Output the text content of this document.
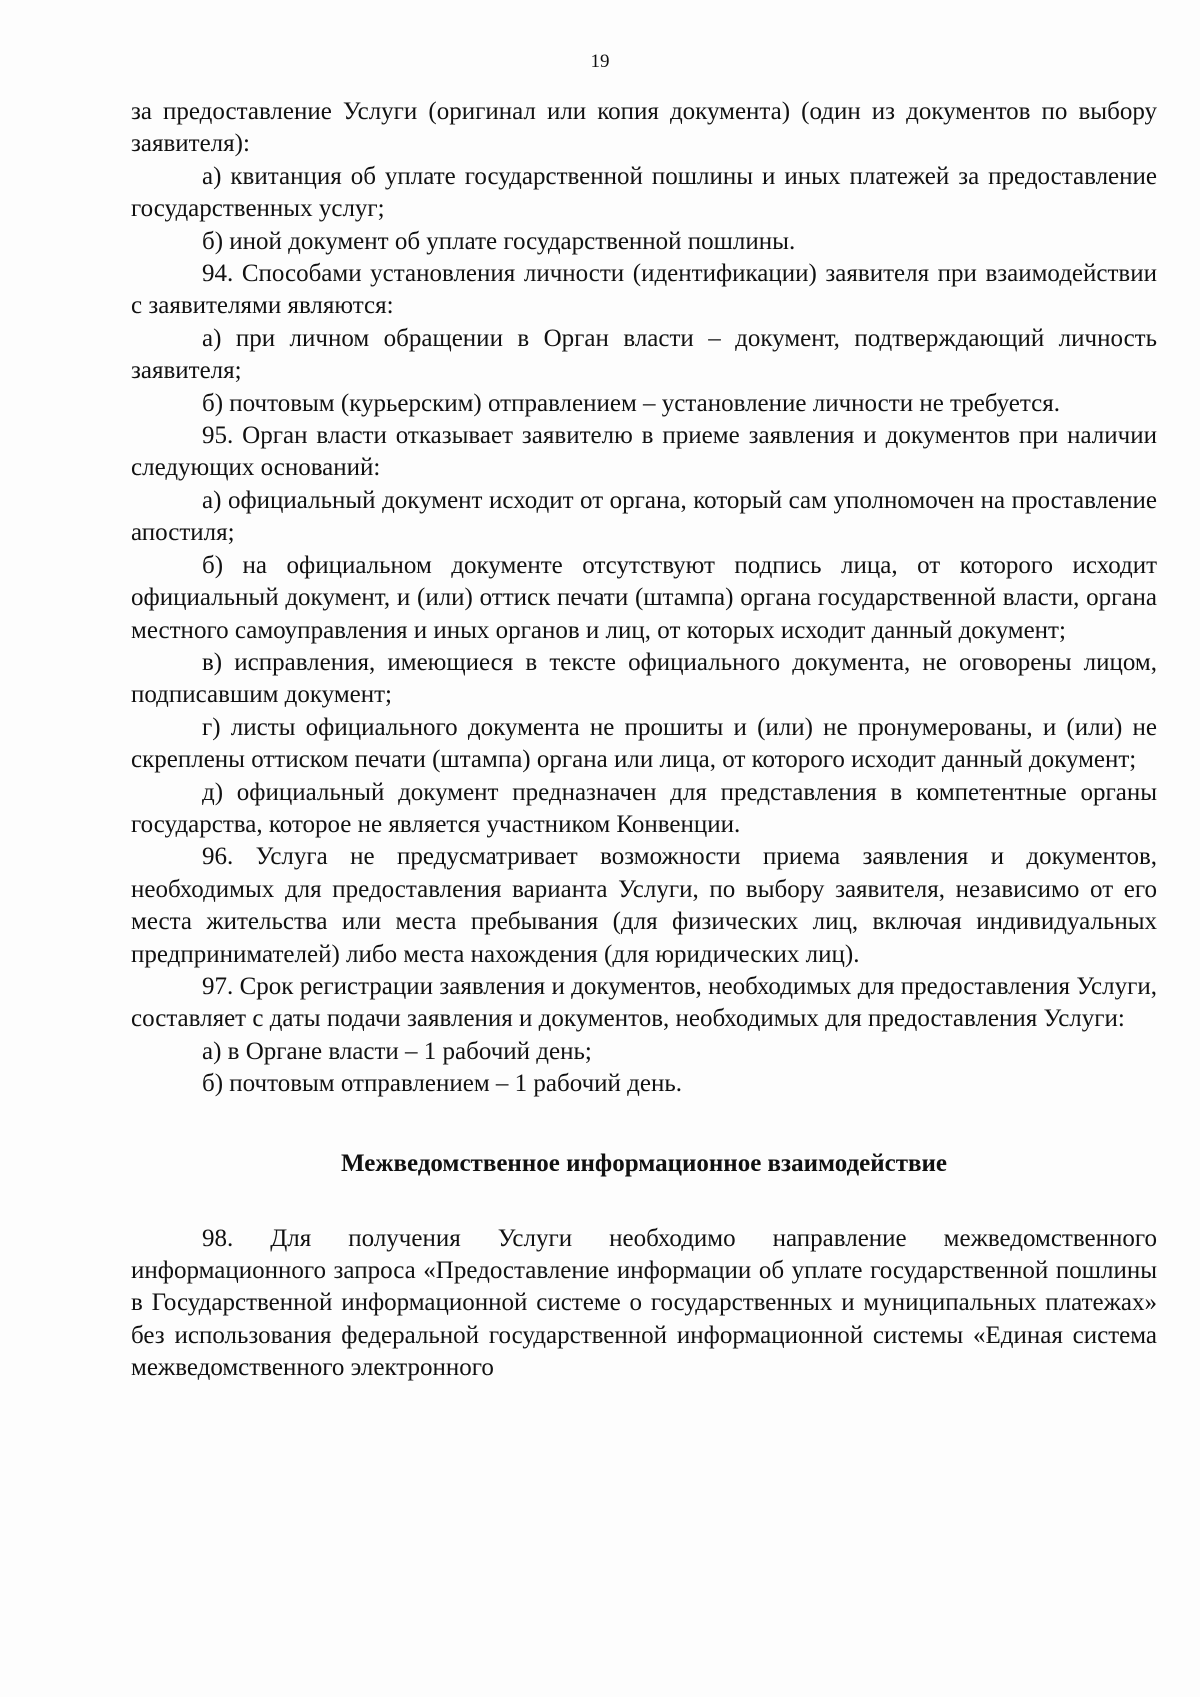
19

за предоставление Услуги (оригинал или копия документа) (один из документов по выбору заявителя):

а) квитанция об уплате государственной пошлины и иных платежей за предоставление государственных услуг;

б) иной документ об уплате государственной пошлины.

94. Способами установления личности (идентификации) заявителя при взаимодействии с заявителями являются:

а) при личном обращении в Орган власти – документ, подтверждающий личность заявителя;

б) почтовым (курьерским) отправлением – установление личности не требуется.

95. Орган власти отказывает заявителю в приеме заявления и документов при наличии следующих оснований:

а) официальный документ исходит от органа, который сам уполномочен на проставление апостиля;

б) на официальном документе отсутствуют подпись лица, от которого исходит официальный документ, и (или) оттиск печати (штампа) органа государственной власти, органа местного самоуправления и иных органов и лиц, от которых исходит данный документ;

в) исправления, имеющиеся в тексте официального документа, не оговорены лицом, подписавшим документ;

г) листы официального документа не прошиты и (или) не пронумерованы, и (или) не скреплены оттиском печати (штампа) органа или лица, от которого исходит данный документ;

д) официальный документ предназначен для представления в компетентные органы государства, которое не является участником Конвенции.

96. Услуга не предусматривает возможности приема заявления и документов, необходимых для предоставления варианта Услуги, по выбору заявителя, независимо от его места жительства или места пребывания (для физических лиц, включая индивидуальных предпринимателей) либо места нахождения (для юридических лиц).

97. Срок регистрации заявления и документов, необходимых для предоставления Услуги, составляет с даты подачи заявления и документов, необходимых для предоставления Услуги:

а) в Органе власти – 1 рабочий день;

б) почтовым отправлением – 1 рабочий день.

Межведомственное информационное взаимодействие

98. Для получения Услуги необходимо направление межведомственного информационного запроса «Предоставление информации об уплате государственной пошлины в Государственной информационной системе о государственных и муниципальных платежах» без использования федеральной государственной информационной системы «Единая система межведомственного электронного
